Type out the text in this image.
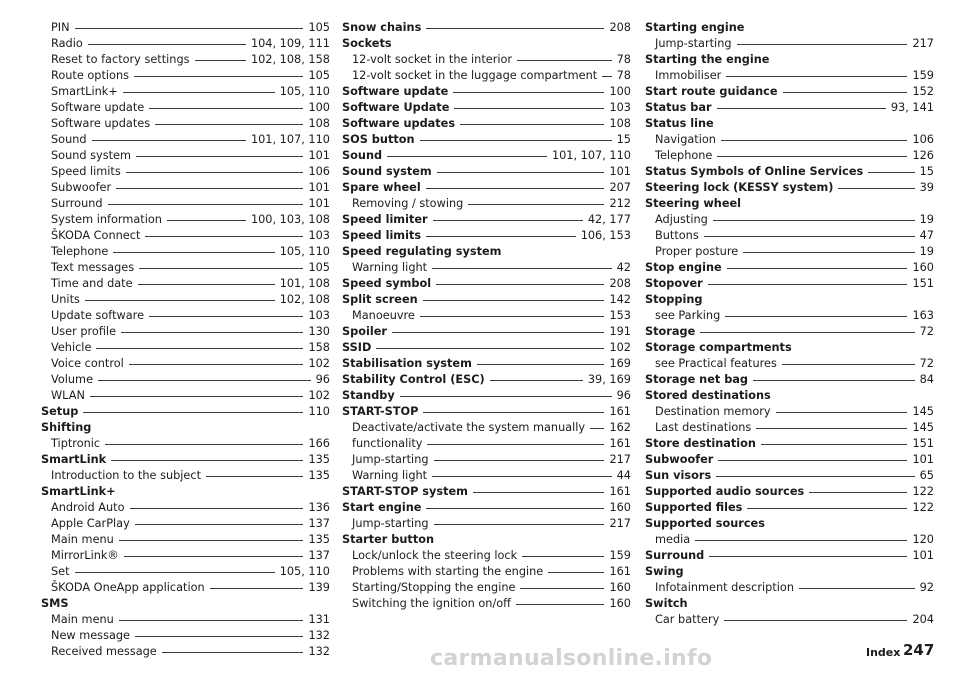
PIN	105
Radio	104, 109, 111
Reset to factory settings	102, 108, 158
Route options	105
SmartLink+	105, 110
Software update	100
Software updates	108
Sound	101, 107, 110
Sound system	101
Speed limits	106
Subwoofer	101
Surround	101
System information	100, 103, 108
ŠKODA Connect	103
Telephone	105, 110
Text messages	105
Time and date	101, 108
Units	102, 108
Update software	103
User profile	130
Vehicle	158
Voice control	102
Volume	96
WLAN	102
Setup	110
Shifting
Tiptronic	166
SmartLink	135
Introduction to the subject	135
SmartLink+
Android Auto	136
Apple CarPlay	137
Main menu	135
MirrorLink®	137
Set	105, 110
ŠKODA OneApp application	139
SMS
Main menu	131
New message	132
Received message	132
Snow chains	208
Sockets
12-volt socket in the interior	78
12-volt socket in the luggage compartment 78
Software update	100
Software Update	103
Software updates	108
SOS button	15
Sound	101, 107, 110
Sound system	101
Spare wheel	207
Removing / stowing	212
Speed limiter	42, 177
Speed limits	106, 153
Speed regulating system
Warning light	42
Speed symbol	208
Split screen	142
Manoeuvre	153
Spoiler	191
SSID	102
Stabilisation system	169
Stability Control (ESC)	39, 169
Standby	96
START-STOP	161
Deactivate/activate the system manually 162
functionality	161
Jump-starting	217
Warning light	44
START-STOP system	161
Start engine	160
Jump-starting	217
Starter button
Lock/unlock the steering lock	159
Problems with starting the engine	161
Starting/Stopping the engine	160
Switching the ignition on/off	160
Starting engine
Jump-starting	217
Starting the engine
Immobiliser	159
Start route guidance	152
Status bar	93, 141
Status line
Navigation	106
Telephone	126
Status Symbols of Online Services	15
Steering lock (KESSY system)	39
Steering wheel
Adjusting	19
Buttons	47
Proper posture	19
Stop engine	160
Stopover	151
Stopping
see Parking	163
Storage	72
Storage compartments
see Practical features	72
Storage net bag	84
Stored destinations
Destination memory	145
Last destinations	145
Store destination	151
Subwoofer	101
Sun visors	65
Supported audio sources	122
Supported files	122
Supported sources
media	120
Surround	101
Swing
Infotainment description	92
Switch
Car battery	204
carmanualsonline.info	Index 247
